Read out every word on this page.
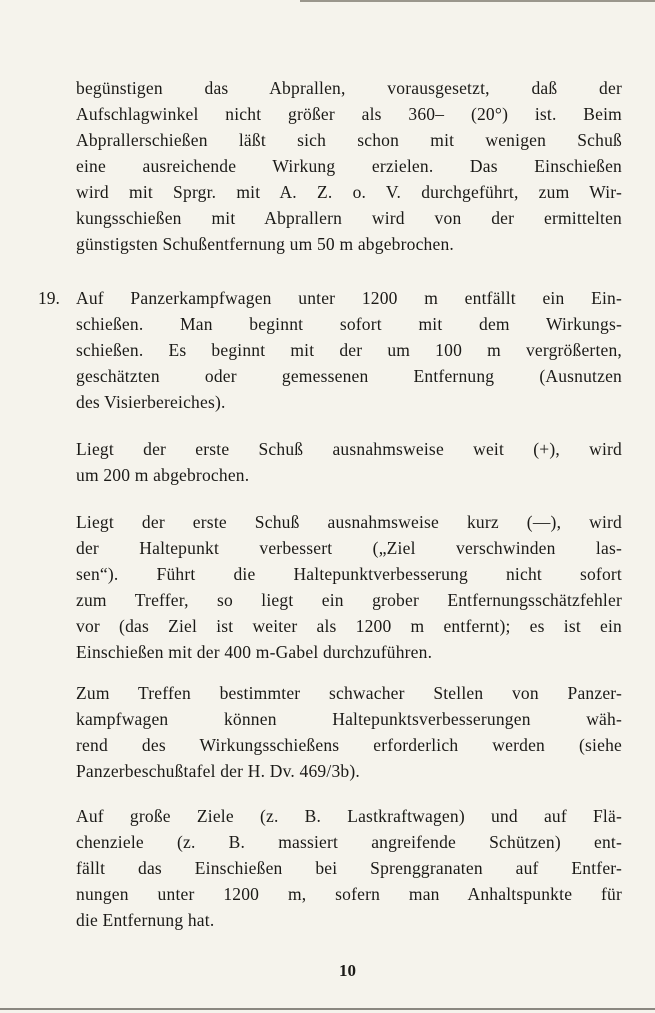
begünstigen das Abprallen, vorausgesetzt, daß der
Aufschlagwinkel nicht größer als 360– (20°) ist. Beim
Abprallerschießen läßt sich schon mit wenigen Schuß
eine ausreichende Wirkung erzielen. Das Einschießen
wird mit Sprgr. mit A. Z. o. V. durchgeführt, zum Wir-
kungsschießen mit Abprallern wird von der ermittelten
günstigsten Schußentfernung um 50 m abgebrochen.
19. Auf Panzerkampfwagen unter 1200 m entfällt ein Ein-
schießen. Man beginnt sofort mit dem Wirkungs-
schießen. Es beginnt mit der um 100 m vergrößerten,
geschätzten oder gemessenen Entfernung (Ausnutzen
des Visierbereiches).
Liegt der erste Schuß ausnahmsweise weit (+), wird
um 200 m abgebrochen.
Liegt der erste Schuß ausnahmsweise kurz (—), wird
der Haltepunkt verbessert („Ziel verschwinden las-
sen“). Führt die Haltepunktverbesserung nicht sofort
zum Treffer, so liegt ein grober Entfernungsschätzfehler
vor (das Ziel ist weiter als 1200 m entfernt); es ist ein
Einschießen mit der 400 m-Gabel durchzuführen.
Zum Treffen bestimmter schwacher Stellen von Panzer-
kampfwagen können Haltepunktsverbesserungen wäh-
rend des Wirkungsschießens erforderlich werden (siehe
Panzerbeschußtafel der H. Dv. 469/3b).
Auf große Ziele (z. B. Lastkraftwagen) und auf Flä-
chenziele (z. B. massiert angreifende Schützen) ent-
fällt das Einschießen bei Sprenggranaten auf Entfer-
nungen unter 1200 m, sofern man Anhaltspunkte für
die Entfernung hat.
10
